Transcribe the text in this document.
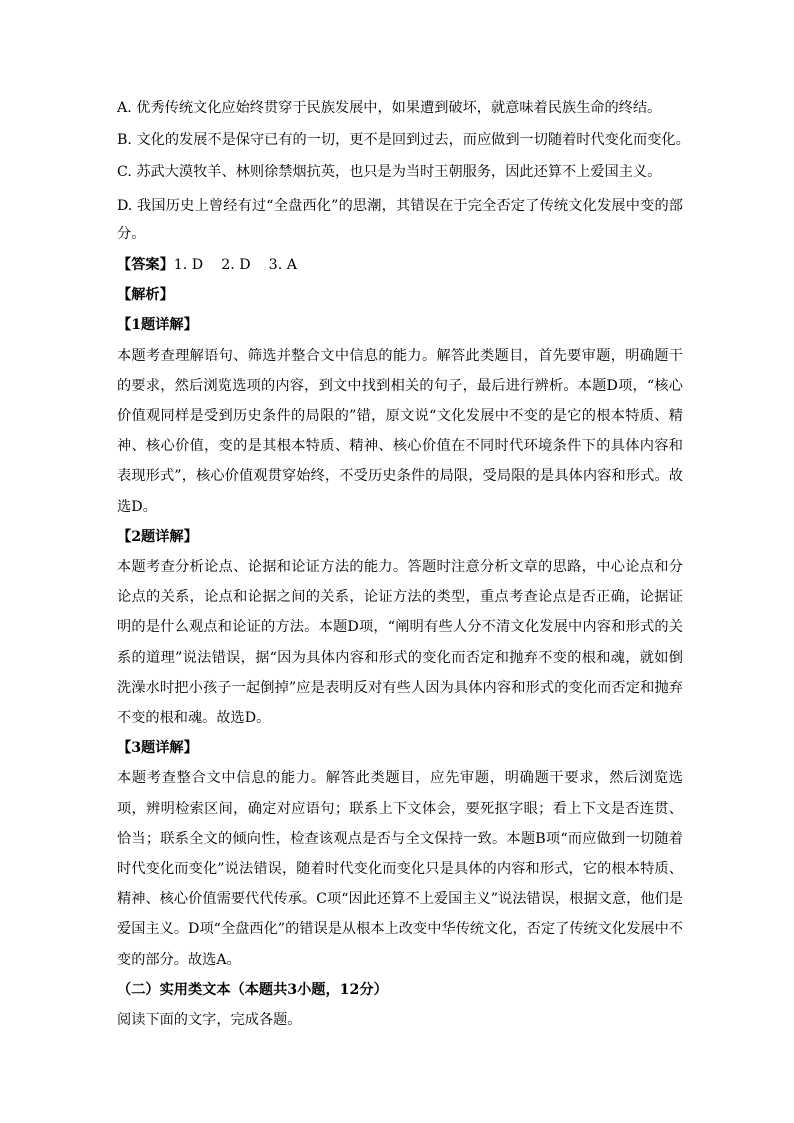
A. 优秀传统文化应始终贯穿于民族发展中，如果遭到破坏，就意味着民族生命的终结。
B. 文化的发展不是保守已有的一切，更不是回到过去，而应做到一切随着时代变化而变化。
C. 苏武大漠牧羊、林则徐禁烟抗英，也只是为当时王朝服务，因此还算不上爱国主义。

D. 我国历史上曾经有过“全盘西化”的思潮，其错误在于完全否定了传统文化发展中变的部分。

【答案】1. D    2. D    3. A
【解析】
【1题详解】

本题考查理解语句、筛选并整合文中信息的能力。解答此类题目，首先要审题，明确题干的要求，然后浏览选项的内容，到文中找到相关的句子，最后进行辨析。本题D项，“核心价值观同样是受到历史条件的局限的”错，原文说“文化发展中不变的是它的根本特质、精神、核心价值，变的是其根本特质、精神、核心价值在不同时代环境条件下的具体内容和表现形式”，核心价值观贯穿始终，不受历史条件的局限，受局限的是具体内容和形式。故选D。

【2题详解】

本题考查分析论点、论据和论证方法的能力。答题时注意分析文章的思路，中心论点和分论点的关系，论点和论据之间的关系，论证方法的类型，重点考查论点是否正确，论据证明的是什么观点和论证的方法。本题D项，“阐明有些人分不清文化发展中内容和形式的关系的道理”说法错误，据“因为具体内容和形式的变化而否定和抛弃不变的根和魂，就如倒洗澡水时把小孩子一起倒掉”应是表明反对有些人因为具体内容和形式的变化而否定和抛弃不变的根和魂。故选D。

【3题详解】

本题考查整合文中信息的能力。解答此类题目，应先审题，明确题干要求，然后浏览选项，辨明检索区间，确定对应语句；联系上下文体会，要死抠字眼；看上下文是否连贯、恰当；联系全文的倾向性，检查该观点是否与全文保持一致。本题B项“而应做到一切随着时代变化而变化”说法错误，随着时代变化而变化只是具体的内容和形式，它的根本特质、精神、核心价值需要代代传承。C项“因此还算不上爱国主义”说法错误，根据文意，他们是爱国主义。D项“全盘西化”的错误是从根本上改变中华传统文化，否定了传统文化发展中不变的部分。故选A。

（二）实用类文本（本题共3小题，12分）
阅读下面的文字，完成各题。
